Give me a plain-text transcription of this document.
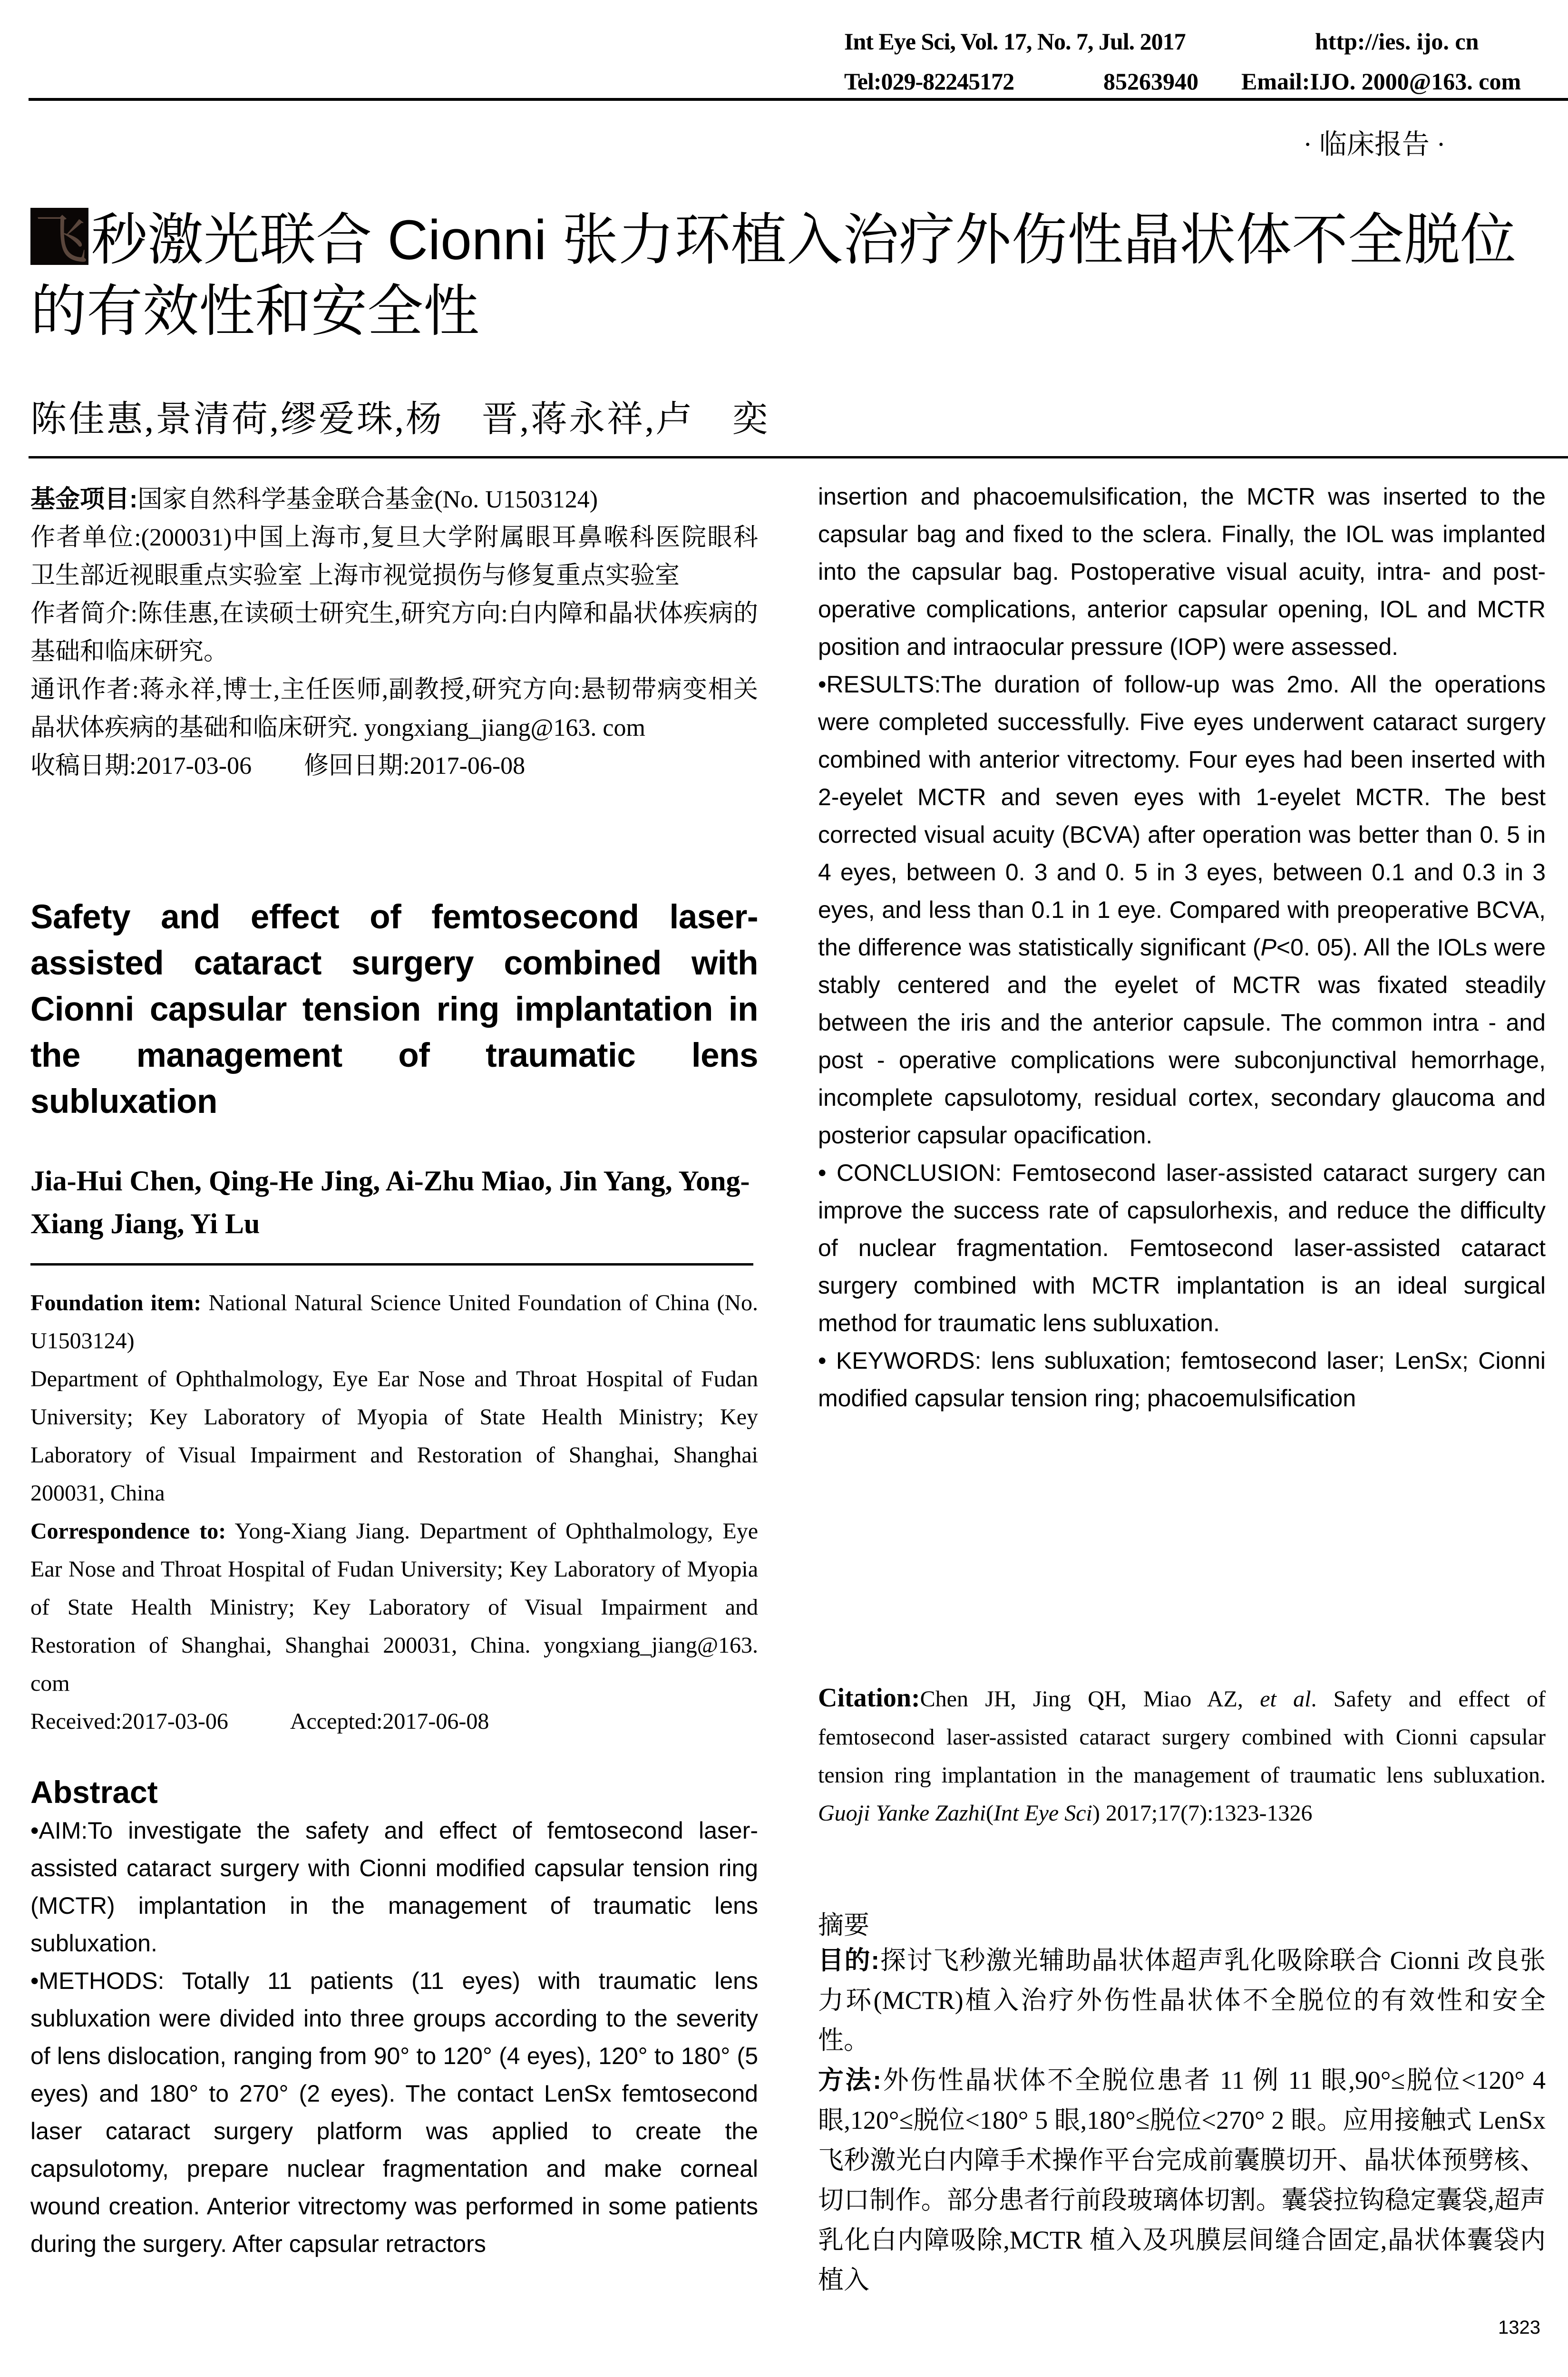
Int Eye Sci, Vol. 17, No. 7, Jul. 2017	http://ies. ijo. cn
Tel:029-82245172	85263940 Email:IJO. 2000@163. com
· 临床报告 ·
飞 秒激光联合 Cionni 张力环植入治疗外伤性晶状体不全脱位的有效性和安全性
陈佳惠,景清荷,缪爱珠,杨　晋,蒋永祥,卢　奕

基金项目:国家自然科学基金联合基金(No. U1503124)

作者单位:(200031)中国上海市,复旦大学附属眼耳鼻喉科医院眼科 卫生部近视眼重点实验室 上海市视觉损伤与修复重点实验室

作者简介:陈佳惠,在读硕士研究生,研究方向:白内障和晶状体疾病的基础和临床研究。

通讯作者:蒋永祥,博士,主任医师,副教授,研究方向:悬韧带病变相关晶状体疾病的基础和临床研究. yongxiang_jiang@163. com

收稿日期:2017-03-06 修回日期:2017-06-08

Safety and effect of femtosecond laser-assisted cataract surgery combined with Cionni capsular tension ring implantation in the management of traumatic lens subluxation
Jia-Hui Chen, Qing-He Jing, Ai-Zhu Miao, Jin Yang, Yong-Xiang Jiang, Yi Lu

Foundation item: National Natural Science United Foundation of China (No. U1503124)

Department of Ophthalmology, Eye Ear Nose and Throat Hospital of Fudan University; Key Laboratory of Myopia of State Health Ministry; Key Laboratory of Visual Impairment and Restoration of Shanghai, Shanghai 200031, China

Correspondence to: Yong-Xiang Jiang. Department of Ophthalmology, Eye Ear Nose and Throat Hospital of Fudan University; Key Laboratory of Myopia of State Health Ministry; Key Laboratory of Visual Impairment and Restoration of Shanghai, Shanghai 200031, China. yongxiang_jiang@163. com

Received:2017-03-06	Accepted:2017-06-08

Abstract

•AIM:To investigate the safety and effect of femtosecond laser-assisted cataract surgery with Cionni modified capsular tension ring (MCTR) implantation in the management of traumatic lens subluxation.

•METHODS: Totally 11 patients (11 eyes) with traumatic lens subluxation were divided into three groups according to the severity of lens dislocation, ranging from 90° to 120° (4 eyes), 120° to 180° (5 eyes) and 180° to 270° (2 eyes). The contact LenSx femtosecond laser cataract surgery platform was applied to create the capsulotomy, prepare nuclear fragmentation and make corneal wound creation. Anterior vitrectomy was performed in some patients during the surgery. After capsular retractors

insertion and phacoemulsification, the MCTR was inserted to the capsular bag and fixed to the sclera. Finally, the IOL was implanted into the capsular bag. Postoperative visual acuity, intra- and post-operative complications, anterior capsular opening, IOL and MCTR position and intraocular pressure (IOP) were assessed.

•RESULTS:The duration of follow-up was 2mo. All the operations were completed successfully. Five eyes underwent cataract surgery combined with anterior vitrectomy. Four eyes had been inserted with 2-eyelet MCTR and seven eyes with 1-eyelet MCTR. The best corrected visual acuity (BCVA) after operation was better than 0. 5 in 4 eyes, between 0. 3 and 0. 5 in 3 eyes, between 0.1 and 0.3 in 3 eyes, and less than 0.1 in 1 eye. Compared with preoperative BCVA, the difference was statistically significant (P<0. 05). All the IOLs were stably centered and the eyelet of MCTR was fixated steadily between the iris and the anterior capsule. The common intra - and post - operative complications were subconjunctival hemorrhage, incomplete capsulotomy, residual cortex, secondary glaucoma and posterior capsular opacification.

• CONCLUSION: Femtosecond laser-assisted cataract surgery can improve the success rate of capsulorhexis, and reduce the difficulty of nuclear fragmentation. Femtosecond laser-assisted cataract surgery combined with MCTR implantation is an ideal surgical method for traumatic lens subluxation.

• KEYWORDS: lens subluxation; femtosecond laser; LenSx; Cionni modified capsular tension ring; phacoemulsification

Citation:Chen JH, Jing QH, Miao AZ, et al. Safety and effect of femtosecond laser-assisted cataract surgery combined with Cionni capsular tension ring implantation in the management of traumatic lens subluxation. Guoji Yanke Zazhi(Int Eye Sci) 2017;17(7):1323-1326
摘要

目的:探讨飞秒激光辅助晶状体超声乳化吸除联合 Cionni 改良张力环(MCTR)植入治疗外伤性晶状体不全脱位的有效性和安全性。

方法:外伤性晶状体不全脱位患者 11 例 11 眼,90°≤脱位<120° 4 眼,120°≤脱位<180° 5 眼,180°≤脱位<270° 2 眼。应用接触式 LenSx 飞秒激光白内障手术操作平台完成前囊膜切开、晶状体预劈核、切口制作。部分患者行前段玻璃体切割。囊袋拉钩稳定囊袋,超声乳化白内障吸除,MCTR 植入及巩膜层间缝合固定,晶状体囊袋内植入

1323
